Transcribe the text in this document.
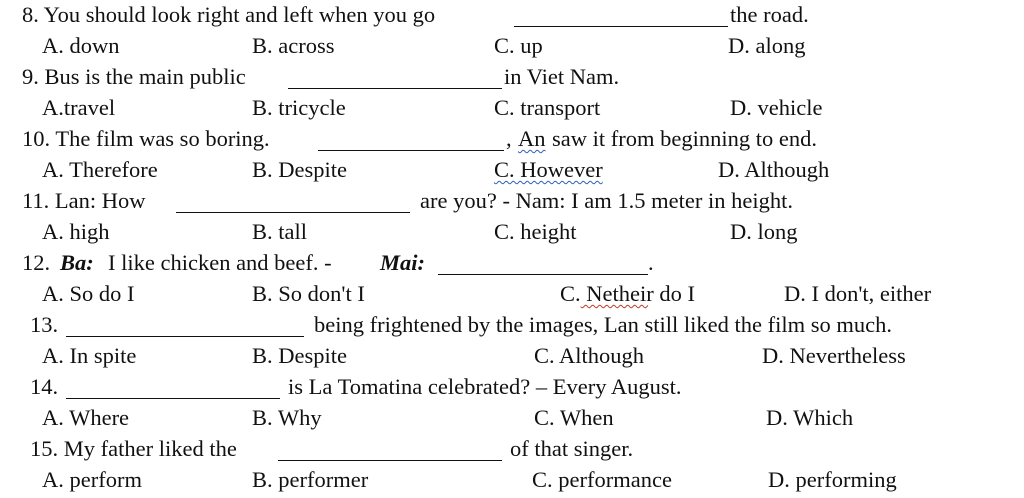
8. You should look right and left when you go	the road.
A. down	B. across	C. up	D. along
9. Bus is the main public	in Viet Nam.
A.travel	B. tricycle	C. transport	D. vehicle
10. The film was so boring.	, An saw it from beginning to end.
A. Therefore	B. Despite	C. However	D. Although
11. Lan: How	are you? - Nam: I am 1.5 meter in height.
A. high	B. tall	C. height	D. long
12. Ba: I like chicken and beef. - Mai:	.
A. So do I	B. So don't I	C. Netheir do I	D. I don't, either
13.	being frightened by the images, Lan still liked the film so much.
A. In spite	B. Despite	C. Although	D. Nevertheless
14.	is La Tomatina celebrated? – Every August.
A. Where	B. Why	C. When	D. Which
15. My father liked the	of that singer.
A. perform	B. performer	C. performance	D. performing
